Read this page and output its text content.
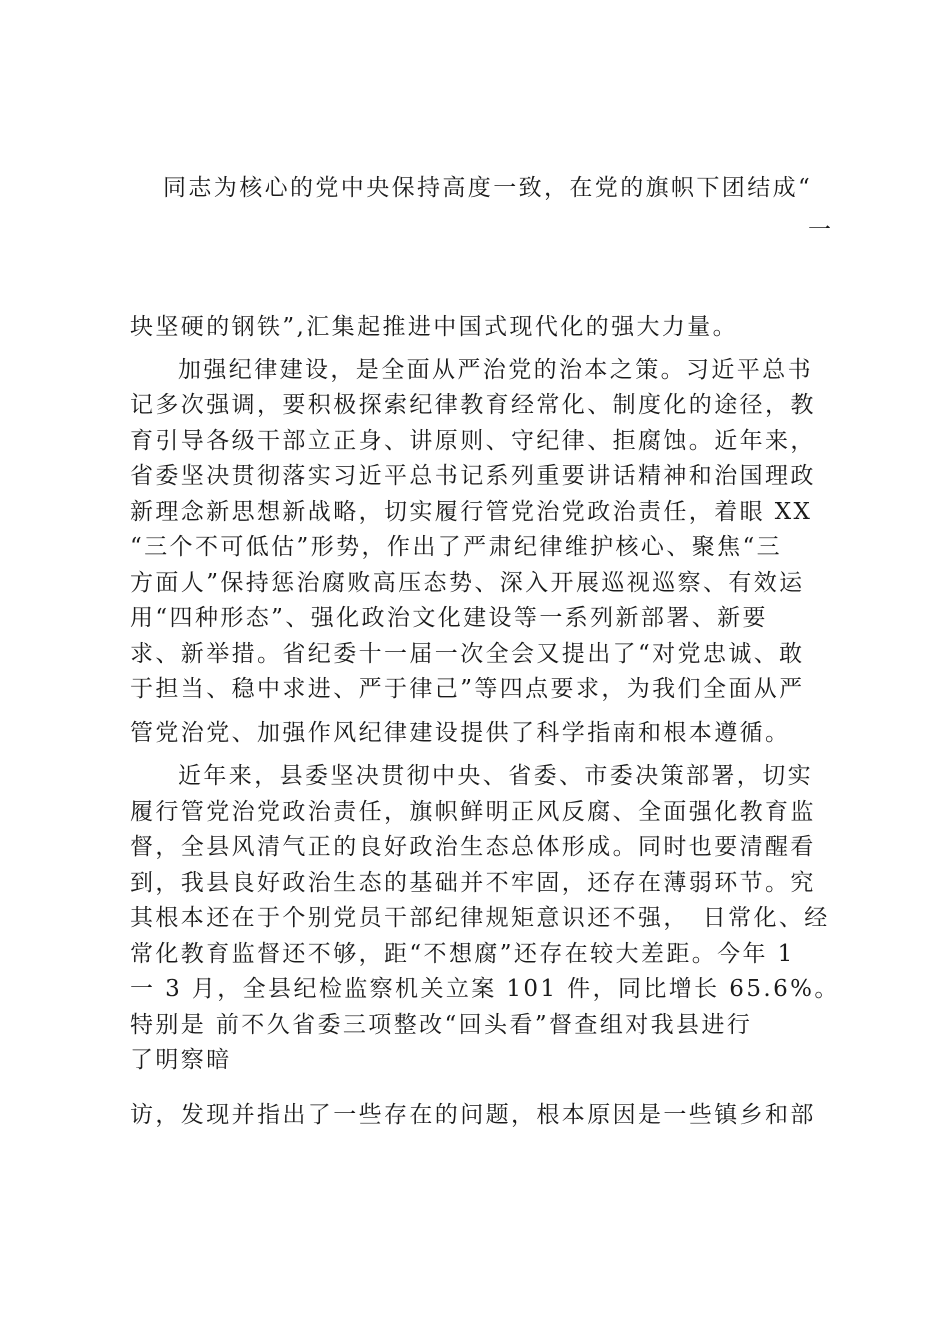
同志为核心的党中央保持高度一致，在党的旗帜下团结成“
一
块坚硬的钢铁”,汇集起推进中国式现代化的强大力量。
加强纪律建设，是全面从严治党的治本之策。习近平总书
记多次强调，要积极探索纪律教育经常化、制度化的途径，教
育引导各级干部立正身、讲原则、守纪律、拒腐蚀。近年来，
省委坚决贯彻落实习近平总书记系列重要讲话精神和治国理政
新理念新思想新战略，切实履行管党治党政治责任，着眼 XX
“三个不可低估”形势，作出了严肃纪律维护核心、聚焦“三
方面人”保持惩治腐败高压态势、深入开展巡视巡察、有效运
用“四种形态”、强化政治文化建设等一系列新部署、新要
求、新举措。省纪委十一届一次全会又提出了“对党忠诚、敢
于担当、稳中求进、严于律己”等四点要求，为我们全面从严
管党治党、加强作风纪律建设提供了科学指南和根本遵循。
近年来，县委坚决贯彻中央、省委、市委决策部署，切实
履行管党治党政治责任，旗帜鲜明正风反腐、全面强化教育监
督，全县风清气正的良好政治生态总体形成。同时也要清醒看
到，我县良好政治生态的基础并不牢固，还存在薄弱环节。究
其根本还在于个别党员干部纪律规矩意识还不强，　日常化、经
常化教育监督还不够，距“不想腐”还存在较大差距。今年 1
一 3 月，全县纪检监察机关立案 101 件，同比增长 65.6%。
特别是 前不久省委三项整改“回头看”督查组对我县进行
了明察暗
访，发现并指出了一些存在的问题，根本原因是一些镇乡和部
